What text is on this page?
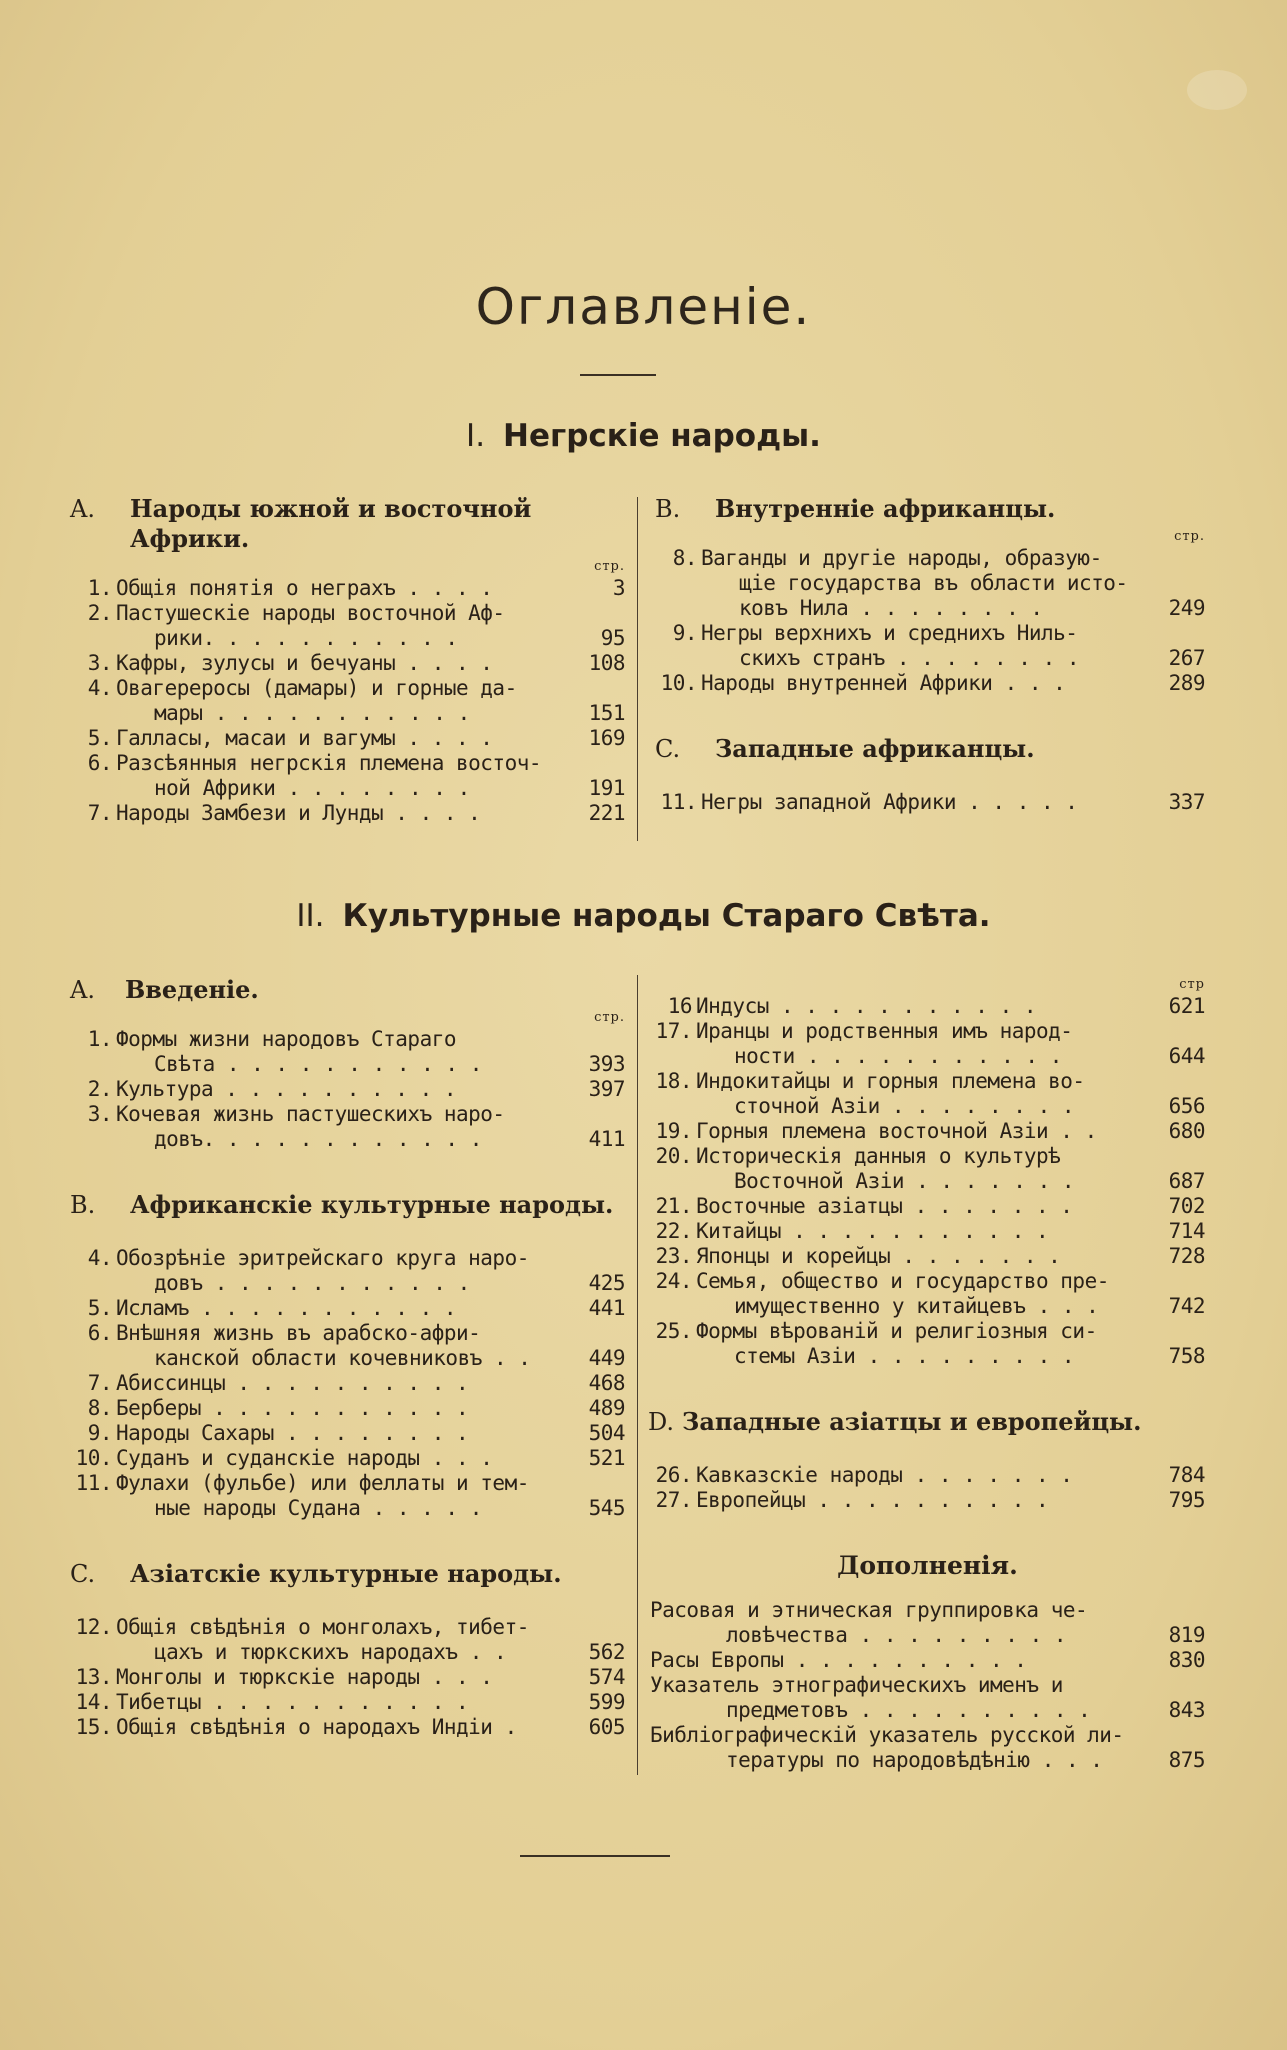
Оглавленіе.
I. Негрскіе народы.
A.	Народы южной и восточной Африки.
стр.
1. Общія понятія о неграхъ . . . .	3
2. Пастушескіе народы восточной Аф-
рики. . . . . . . . . . .	95
3. Кафры, зулусы и бечуаны . . . .	108
4. Овагереросы (дамары) и горные да-
мары . . . . . . . . . . .	151
5. Галласы, масаи и вагумы . . . .	169
6. Разсѣянныя негрскія племена восточ-
ной Африки . . . . . . . .	191
7. Народы Замбези и Лунды . . . .	221
B.	Внутренніе африканцы.
стр.
8. Ваганды и другіе народы, образую-
щіе государства въ области исто-
ковъ Нила . . . . . . . .	249
9. Негры верхнихъ и среднихъ Ниль-
скихъ странъ . . . . . . . .	267
10. Народы внутренней Африки . . .	289
C.	Западные африканцы.
11. Негры западной Африки . . . . .	337
II. Культурные народы Стараго Свѣта.
A. Введеніе.
стр.
1. Формы жизни народовъ Стараго
Свѣта . . . . . . . . . . .	393
2. Культура . . . . . . . . . .	397
3. Кочевая жизнь пастушескихъ наро-
довъ. . . . . . . . . . . .	411
B.	Африканскіе культурные народы.
4. Обозрѣніе эритрейскаго круга наро-
довъ . . . . . . . . . . .	425
5. Исламъ . . . . . . . . . . .	441
6. Внѣшняя жизнь въ арабско-афри-
канской области кочевниковъ . .	449
7. Абиссинцы . . . . . . . . . .	468
8. Берберы . . . . . . . . . . .	489
9. Народы Сахары . . . . . . . .	504
10. Суданъ и суданскіе народы . . .	521
11. Фулахи (фульбе) или феллаты и тем-
ные народы Судана . . . . .	545
C.	Азіатскіе культурные народы.
12. Общія свѣдѣнія о монголахъ, тибет-
цахъ и тюркскихъ народахъ . .	562
13. Монголы и тюркскіе народы . . .	574
14. Тибетцы . . . . . . . . . . .	599
15. Общія свѣдѣнія о народахъ Индіи .	605
стр
16 Индусы . . . . . . . . . . .	621
17. Иранцы и родственныя имъ народ-
ности . . . . . . . . . . .	644
18. Индокитайцы и горныя племена во-
сточной Азіи . . . . . . . .	656
19. Горныя племена восточной Азіи . .	680
20. Историческія данныя о культурѣ
Восточной Азіи . . . . . . .	687
21. Восточные азіатцы . . . . . . .	702
22. Китайцы . . . . . . . . . . .	714
23. Японцы и корейцы . . . . . . .	728
24. Семья, общество и государство пре-
имущественно у китайцевъ . . .	742
25. Формы вѣрованій и религіозныя си-
стемы Азіи . . . . . . . . .	758
D. Западные азіатцы и европейцы.
26. Кавказскіе народы . . . . . . .	784
27. Европейцы . . . . . . . . . .	795
Дополненія.
Расовая и этническая группировка че-
ловѣчества . . . . . . . . .	819
Расы Европы . . . . . . . . . .	830
Указатель этнографическихъ именъ и
предметовъ . . . . . . . . . .	843
Библіографическій указатель русской ли-
тературы по народовѣдѣнію . . .	875
